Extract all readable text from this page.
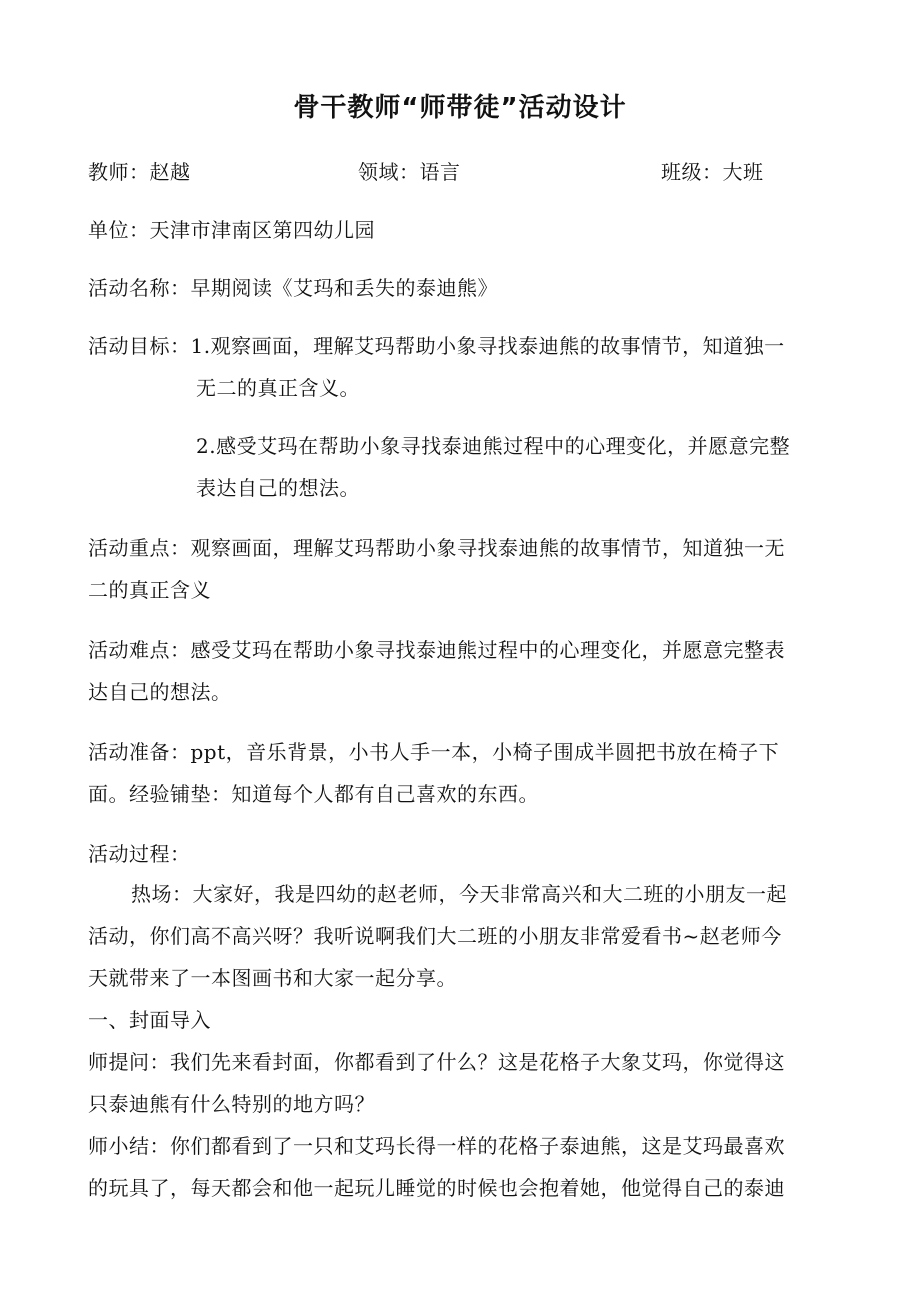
骨干教师“师带徒”活动设计
教师：赵越	领域：语言	班级：大班
单位：天津市津南区第四幼儿园
活动名称：早期阅读《艾玛和丢失的泰迪熊》
活动目标：1.观察画面，理解艾玛帮助小象寻找泰迪熊的故事情节，知道独一
无二的真正含义。
2.感受艾玛在帮助小象寻找泰迪熊过程中的心理变化，并愿意完整
表达自己的想法。
活动重点：观察画面，理解艾玛帮助小象寻找泰迪熊的故事情节，知道独一无
二的真正含义
活动难点：感受艾玛在帮助小象寻找泰迪熊过程中的心理变化，并愿意完整表
达自己的想法。
活动准备：ppt，音乐背景，小书人手一本，小椅子围成半圆把书放在椅子下
面。经验铺垫：知道每个人都有自己喜欢的东西。
活动过程：
热场：大家好，我是四幼的赵老师，今天非常高兴和大二班的小朋友一起
活动，你们高不高兴呀？我听说啊我们大二班的小朋友非常爱看书~赵老师今
天就带来了一本图画书和大家一起分享。
一、封面导入
师提问：我们先来看封面，你都看到了什么？这是花格子大象艾玛，你觉得这
只泰迪熊有什么特别的地方吗？
师小结：你们都看到了一只和艾玛长得一样的花格子泰迪熊，这是艾玛最喜欢
的玩具了，每天都会和他一起玩儿睡觉的时候也会抱着她，他觉得自己的泰迪
